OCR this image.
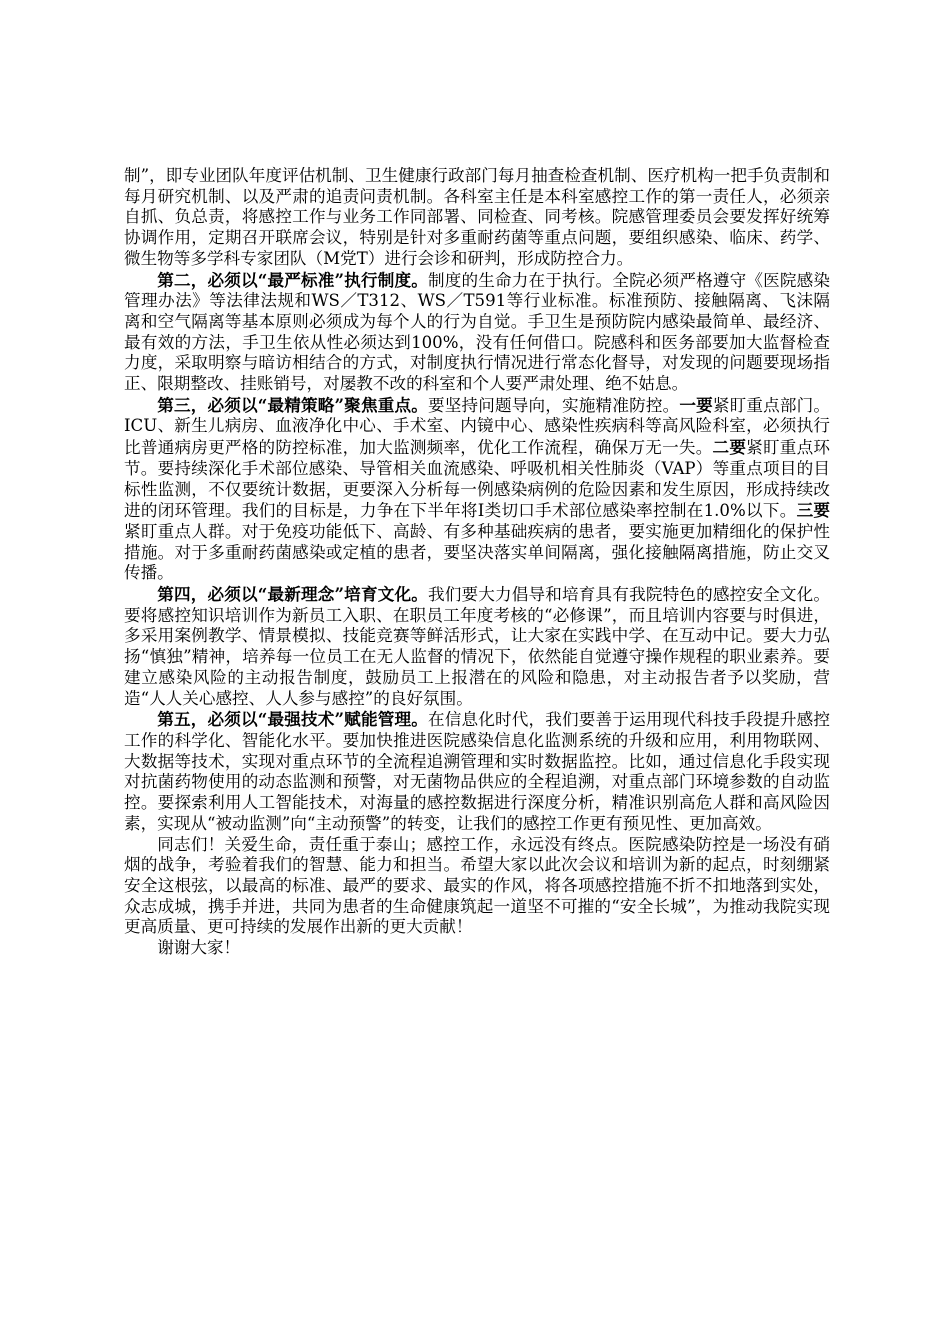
制”，即专业团队年度评估机制、卫生健康行政部门每月抽查检查机制、医疗机构一把手负责制和每月研究机制、以及严肃的追责问责机制。各科室主任是本科室感控工作的第一责任人，必须亲自抓、负总责，将感控工作与业务工作同部署、同检查、同考核。院感管理委员会要发挥好统筹协调作用，定期召开联席会议，特别是针对多重耐药菌等重点问题，要组织感染、临床、药学、微生物等多学科专家团队（M党T）进行会诊和研判，形成防控合力。

第二，必须以“最严标准”执行制度。制度的生命力在于执行。全院必须严格遵守《医院感染管理办法》等法律法规和WS／T312、WS／T591等行业标准。标准预防、接触隔离、飞沫隔离和空气隔离等基本原则必须成为每个人的行为自觉。手卫生是预防院内感染最简单、最经济、最有效的方法，手卫生依从性必须达到100%，没有任何借口。院感科和医务部要加大监督检查力度，采取明察与暗访相结合的方式，对制度执行情况进行常态化督导，对发现的问题要现场指正、限期整改、挂账销号，对屡教不改的科室和个人要严肃处理、绝不姑息。

第三，必须以“最精策略”聚焦重点。要坚持问题导向，实施精准防控。一要紧盯重点部门。ICU、新生儿病房、血液净化中心、手术室、内镜中心、感染性疾病科等高风险科室，必须执行比普通病房更严格的防控标准，加大监测频率，优化工作流程，确保万无一失。二要紧盯重点环节。要持续深化手术部位感染、导管相关血流感染、呼吸机相关性肺炎（VAP）等重点项目的目标性监测，不仅要统计数据，更要深入分析每一例感染病例的危险因素和发生原因，形成持续改进的闭环管理。我们的目标是，力争在下半年将Ⅰ类切口手术部位感染率控制在1.0%以下。三要紧盯重点人群。对于免疫功能低下、高龄、有多种基础疾病的患者，要实施更加精细化的保护性措施。对于多重耐药菌感染或定植的患者，要坚决落实单间隔离，强化接触隔离措施，防止交叉传播。

第四，必须以“最新理念”培育文化。我们要大力倡导和培育具有我院特色的感控安全文化。要将感控知识培训作为新员工入职、在职员工年度考核的“必修课”，而且培训内容要与时俱进，多采用案例教学、情景模拟、技能竞赛等鲜活形式，让大家在实践中学、在互动中记。要大力弘扬“慎独”精神，培养每一位员工在无人监督的情况下，依然能自觉遵守操作规程的职业素养。要建立感染风险的主动报告制度，鼓励员工上报潜在的风险和隐患，对主动报告者予以奖励，营造“人人关心感控、人人参与感控”的良好氛围。

第五，必须以“最强技术”赋能管理。在信息化时代，我们要善于运用现代科技手段提升感控工作的科学化、智能化水平。要加快推进医院感染信息化监测系统的升级和应用，利用物联网、大数据等技术，实现对重点环节的全流程追溯管理和实时数据监控。比如，通过信息化手段实现对抗菌药物使用的动态监测和预警，对无菌物品供应的全程追溯，对重点部门环境参数的自动监控。要探索利用人工智能技术，对海量的感控数据进行深度分析，精准识别高危人群和高风险因素，实现从“被动监测”向“主动预警”的转变，让我们的感控工作更有预见性、更加高效。

同志们！关爱生命，责任重于泰山；感控工作，永远没有终点。医院感染防控是一场没有硝烟的战争，考验着我们的智慧、能力和担当。希望大家以此次会议和培训为新的起点，时刻绷紧安全这根弦，以最高的标准、最严的要求、最实的作风，将各项感控措施不折不扣地落到实处，众志成城，携手并进，共同为患者的生命健康筑起一道坚不可摧的“安全长城”，为推动我院实现更高质量、更可持续的发展作出新的更大贡献！

谢谢大家！
